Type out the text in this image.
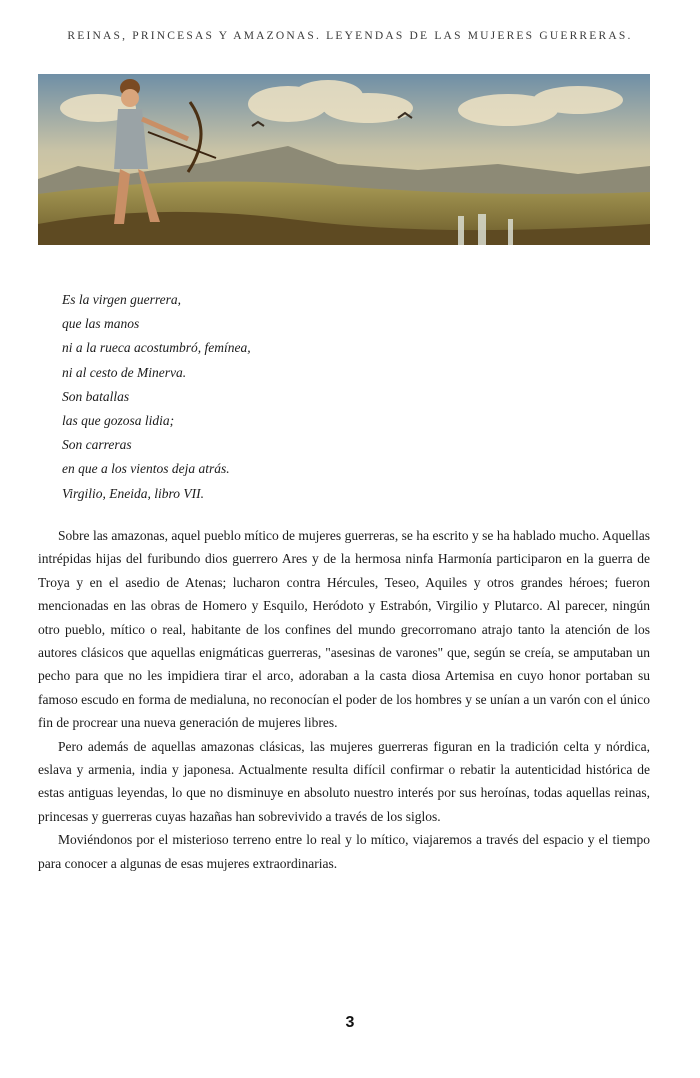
REINAS, PRINCESAS Y AMAZONAS. LEYENDAS DE LAS MUJERES GUERRERAS.
Es la virgen guerrera,
que las manos
ni a la rueca acostumbró, femínea,
ni al cesto de Minerva.
Son batallas
las que gozosa lidia;
Son carreras
en que a los vientos deja atrás.
Virgilio, Eneida, libro VII.

Sobre las amazonas, aquel pueblo mítico de mujeres guerreras, se ha escrito y se ha hablado mucho. Aquellas intrépidas hijas del furibundo dios guerrero Ares y de la hermosa ninfa Harmonía participaron en la guerra de Troya y en el asedio de Atenas; lucharon contra Hércules, Teseo, Aquiles y otros grandes héroes; fueron mencionadas en las obras de Homero y Esquilo, Heródoto y Estrabón, Virgilio y Plutarco. Al parecer, ningún otro pueblo, mítico o real, habitante de los confines del mundo grecorromano atrajo tanto la atención de los autores clásicos que aquellas enigmáticas guerreras, "asesinas de varones" que, según se creía, se amputaban un pecho para que no les impidiera tirar el arco, adoraban a la casta diosa Artemisa en cuyo honor portaban su famoso escudo en forma de medialuna, no reconocían el poder de los hombres y se unían a un varón con el único fin de procrear una nueva generación de mujeres libres.

Pero además de aquellas amazonas clásicas, las mujeres guerreras figuran en la tradición celta y nórdica, eslava y armenia, india y japonesa. Actualmente resulta difícil confirmar o rebatir la autenticidad histórica de estas antiguas leyendas, lo que no disminuye en absoluto nuestro interés por sus heroínas, todas aquellas reinas, princesas y guerreras cuyas hazañas han sobrevivido a través de los siglos.

Moviéndonos por el misterioso terreno entre lo real y lo mítico, viajaremos a través del espacio y el tiempo para conocer a algunas de esas mujeres extraordinarias.

3
